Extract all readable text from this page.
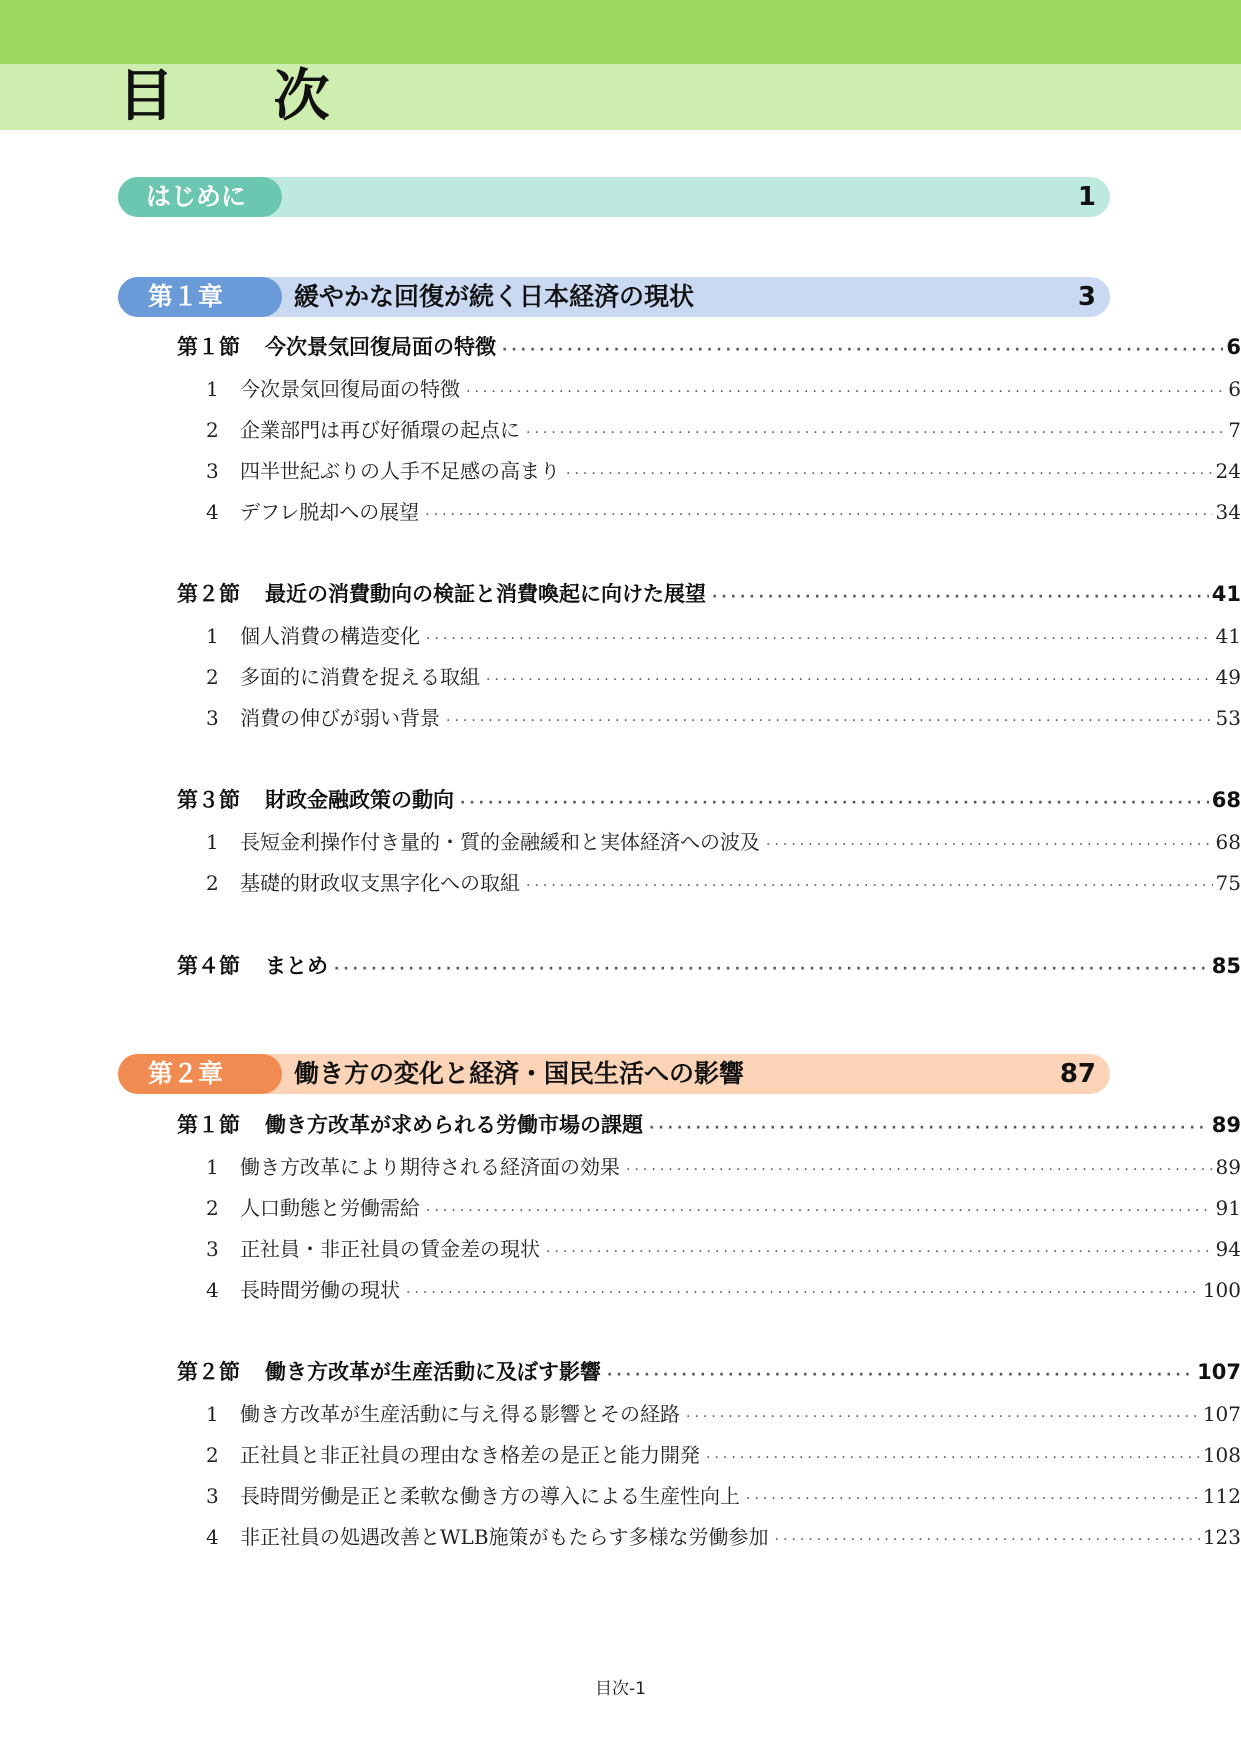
目 次
はじめに	1
第１章	緩やかな回復が続く日本経済の現状	3
第１節	今次景気回復局面の特徴 ·····	6
1	今次景気回復局面の特徴 ·····	6
2	企業部門は再び好循環の起点に ·····	7
3	四半世紀ぶりの人手不足感の高まり ·····	24
4	デフレ脱却への展望 ·····	34
第２節	最近の消費動向の検証と消費喚起に向けた展望 ·····	41
1	個人消費の構造変化 ·····	41
2	多面的に消費を捉える取組 ·····	49
3	消費の伸びが弱い背景 ·····	53
第３節	財政金融政策の動向 ·····	68
1	長短金利操作付き量的・質的金融緩和と実体経済への波及 ·····	68
2	基礎的財政収支黒字化への取組 ·····	75
第４節	まとめ ·····	85
第２章	働き方の変化と経済・国民生活への影響	87
第１節	働き方改革が求められる労働市場の課題 ·····	89
1	働き方改革により期待される経済面の効果 ·····	89
2	人口動態と労働需給 ·····	91
3	正社員・非正社員の賃金差の現状 ·····	94
4	長時間労働の現状 ·····	100
第２節	働き方改革が生産活動に及ぼす影響 ·····	107
1	働き方改革が生産活動に与え得る影響とその経路 ·····	107
2	正社員と非正社員の理由なき格差の是正と能力開発 ·····	108
3	長時間労働是正と柔軟な働き方の導入による生産性向上 ·····	112
4	非正社員の処遇改善とWLB施策がもたらす多様な労働参加 ·····	123
目次-1
